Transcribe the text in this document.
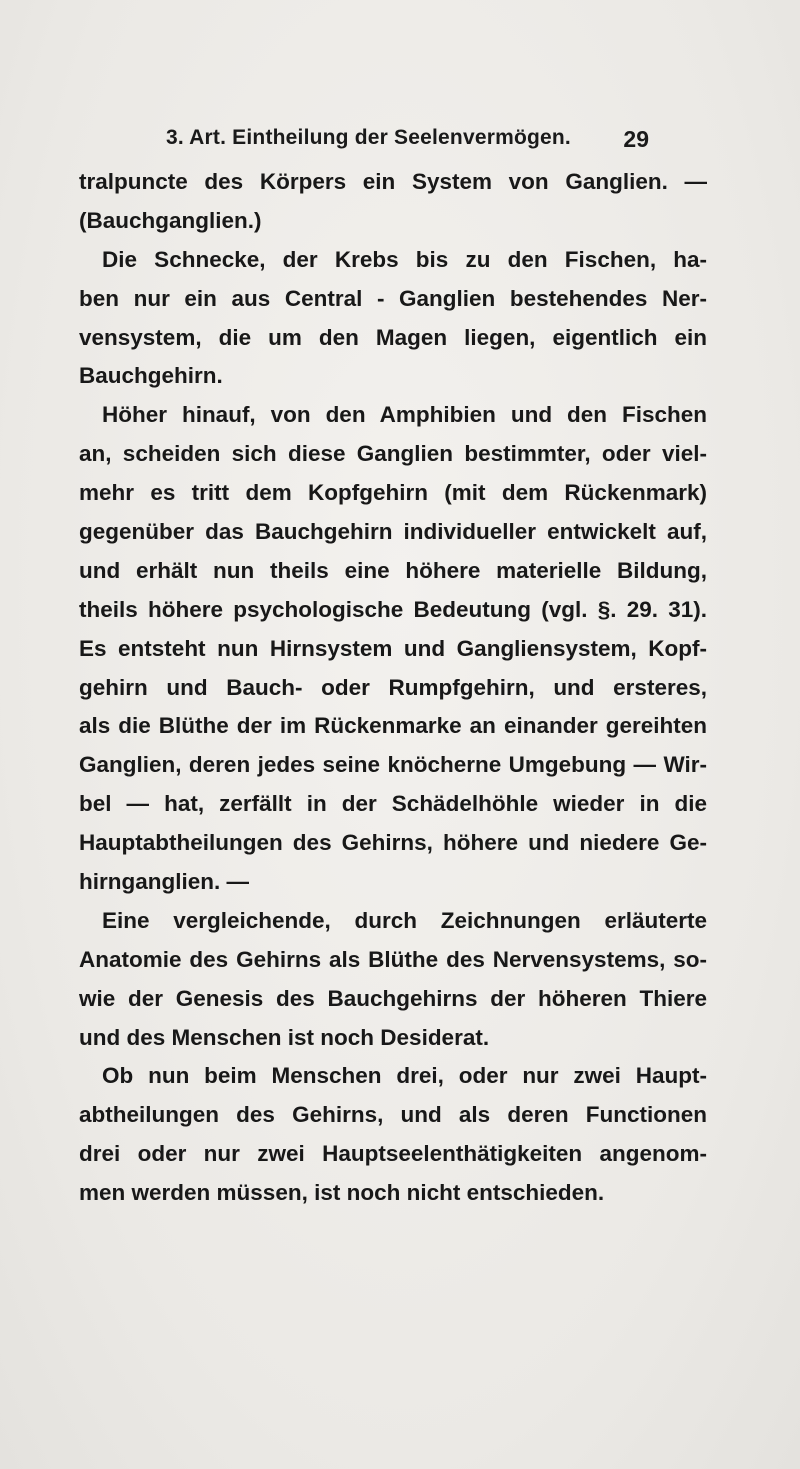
3. Art. Eintheilung der Seelenvermögen. 29
tralpuncte des Körpers ein System von Ganglien. —
(Bauchganglien.)
Die Schnecke, der Krebs bis zu den Fischen, ha-
ben nur ein aus Central - Ganglien bestehendes Ner-
vensystem, die um den Magen liegen, eigentlich ein
Bauchgehirn.
Höher hinauf, von den Amphibien und den Fischen
an, scheiden sich diese Ganglien bestimmter, oder viel-
mehr es tritt dem Kopfgehirn (mit dem Rückenmark)
gegenüber das Bauchgehirn individueller entwickelt auf,
und erhält nun theils eine höhere materielle Bildung,
theils höhere psychologische Bedeutung (vgl. §. 29. 31).
Es entsteht nun Hirnsystem und Gangliensystem, Kopf-
gehirn und Bauch- oder Rumpfgehirn, und ersteres,
als die Blüthe der im Rückenmarke an einander gereihten
Ganglien, deren jedes seine knöcherne Umgebung — Wir-
bel — hat, zerfällt in der Schädelhöhle wieder in die
Hauptabtheilungen des Gehirns, höhere und niedere Ge-
hirnganglien. —
Eine vergleichende, durch Zeichnungen erläuterte
Anatomie des Gehirns als Blüthe des Nervensystems, so-
wie der Genesis des Bauchgehirns der höheren Thiere
und des Menschen ist noch Desiderat.
Ob nun beim Menschen drei, oder nur zwei Haupt-
abtheilungen des Gehirns, und als deren Functionen
drei oder nur zwei Hauptseelenthätigkeiten angenom-
men werden müssen, ist noch nicht entschieden.
